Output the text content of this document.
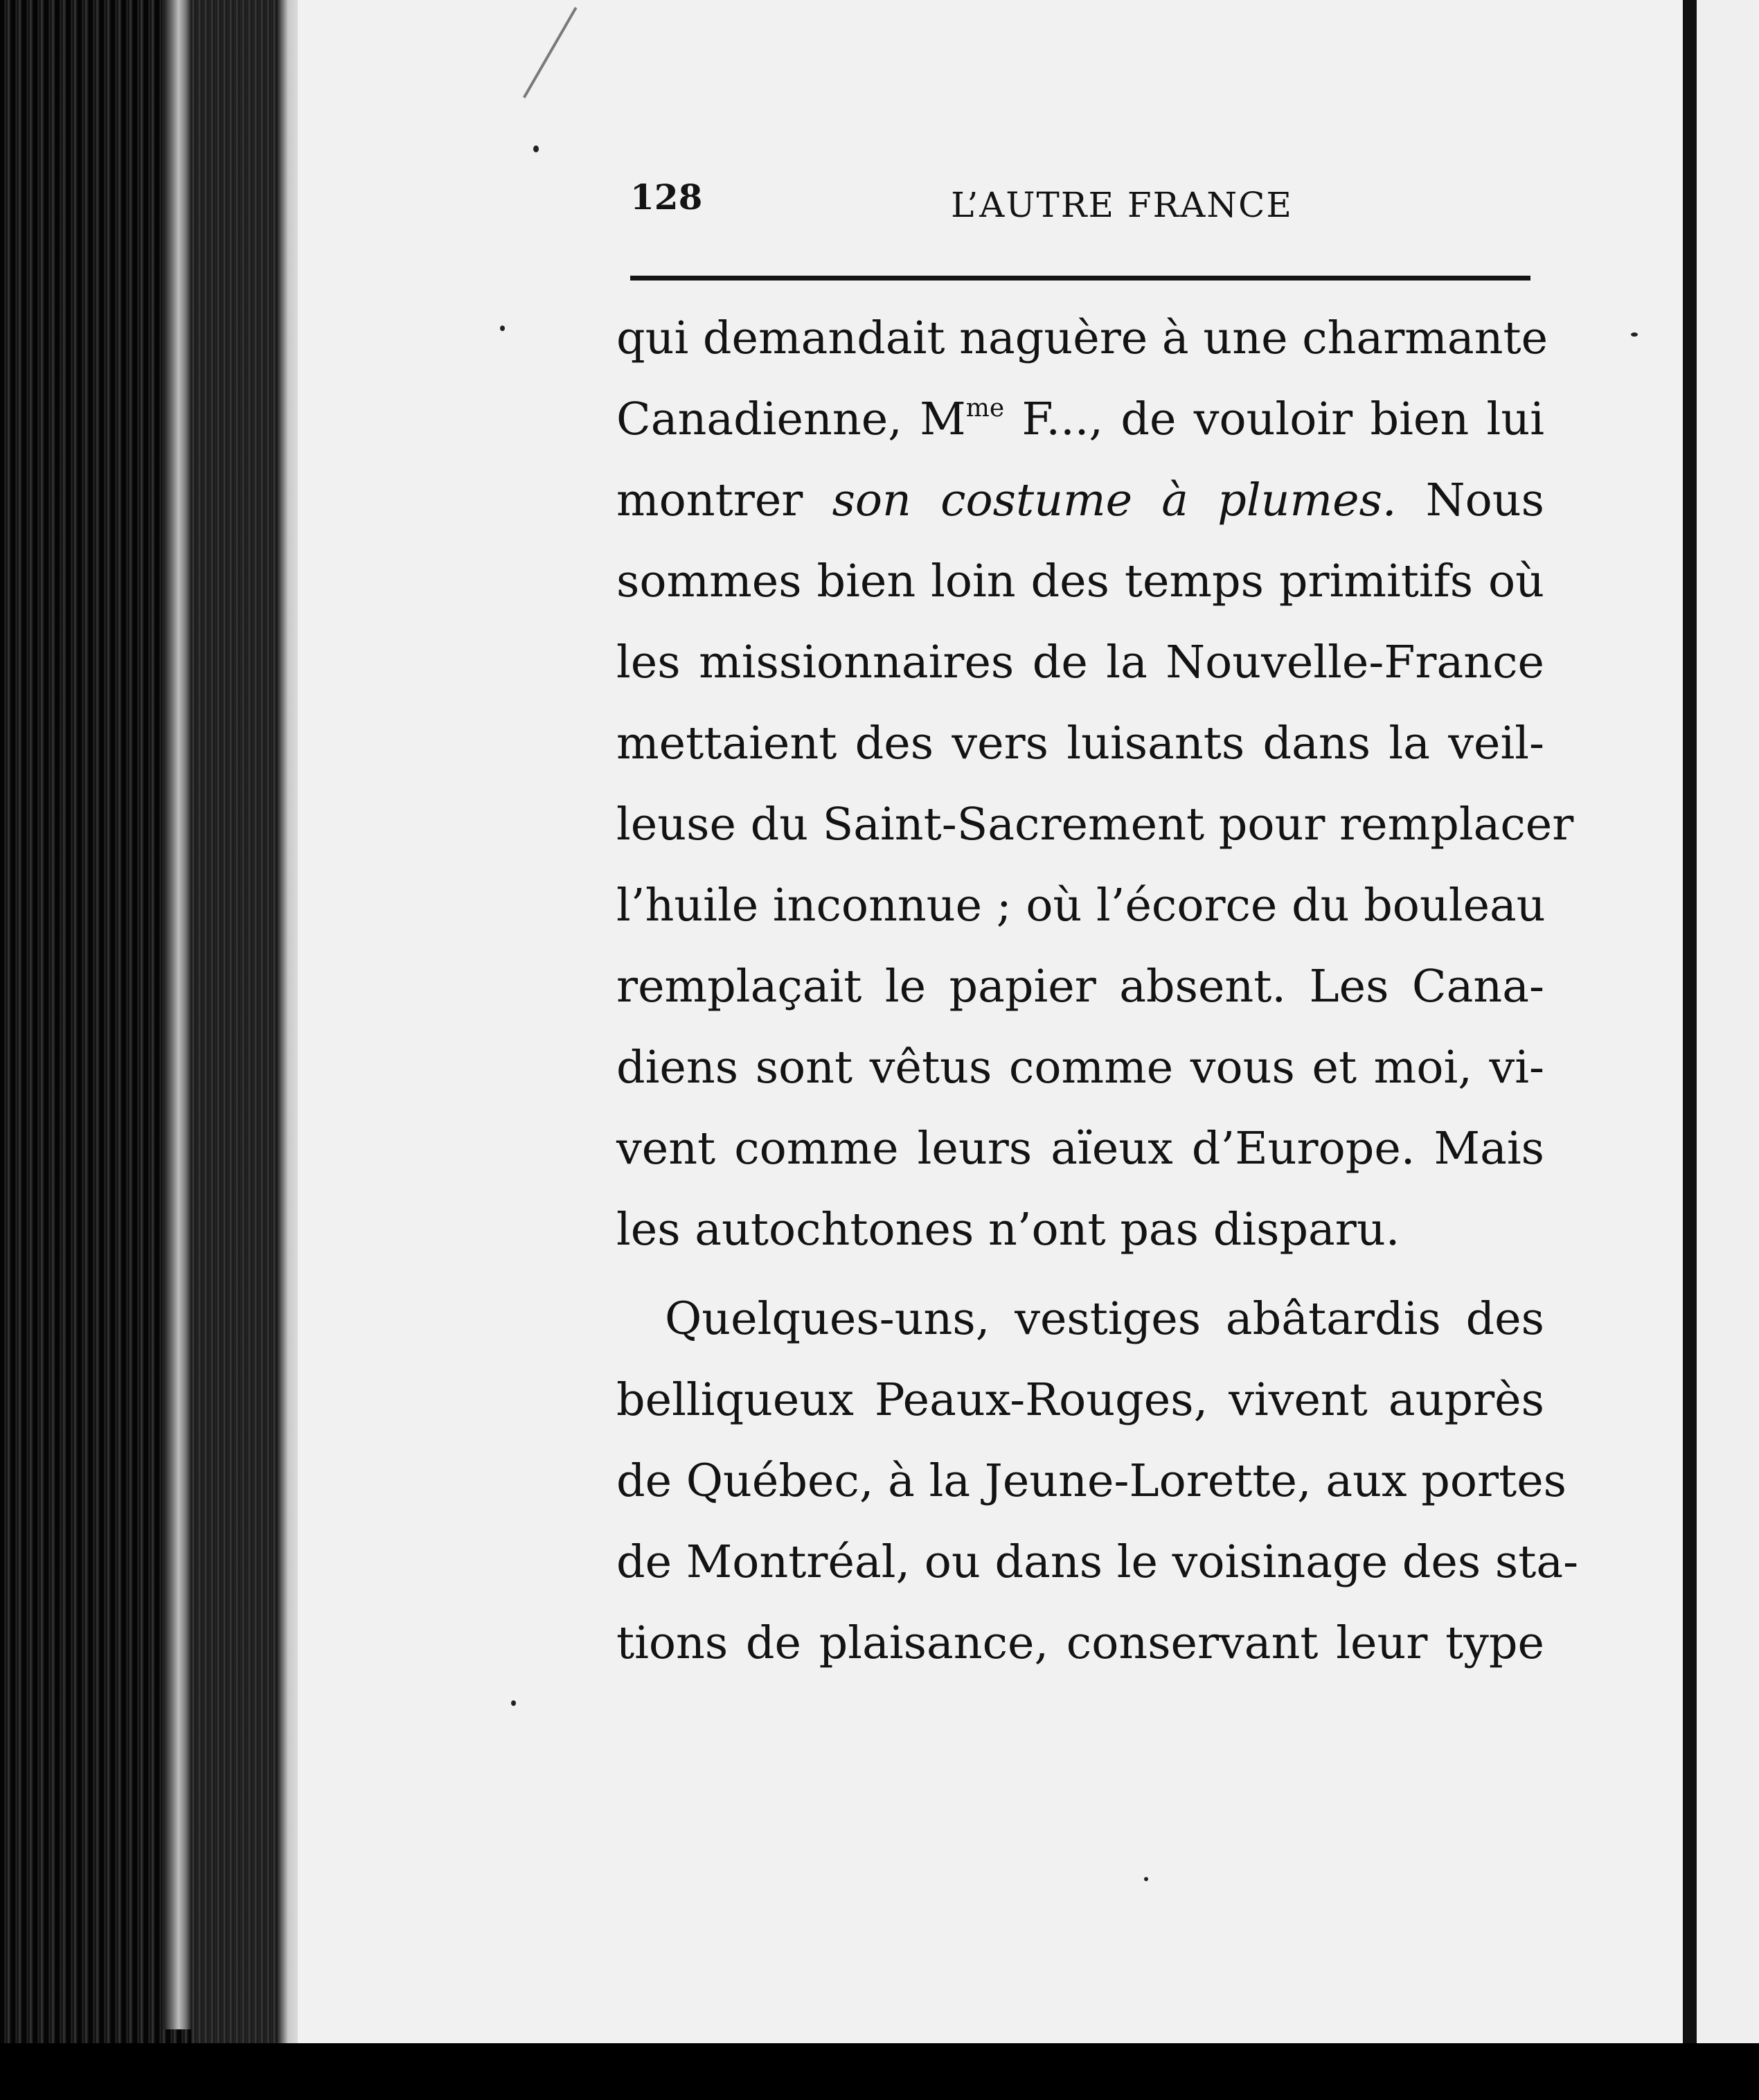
128	L’AUTRE FRANCE
qui demandait naguère à une charmante
Canadienne, $M^{me}$ F..., de vouloir bien lui
montrer son costume à plumes. Nous
sommes bien loin des temps primitifs où
les missionnaires de la Nouvelle-France
mettaient des vers luisants dans la veil-
leuse du Saint-Sacrement pour remplacer
l’huile inconnue ; où l’écorce du bouleau
remplaçait le papier absent. Les Cana-
diens sont vêtus comme vous et moi, vi-
vent comme leurs aïeux d’Europe. Mais
les autochtones n’ont pas disparu.
Quelques-uns, vestiges abâtardis des
belliqueux Peaux-Rouges, vivent auprès
de Québec, à la Jeune-Lorette, aux portes
de Montréal, ou dans le voisinage des sta-
tions de plaisance, conservant leur type
